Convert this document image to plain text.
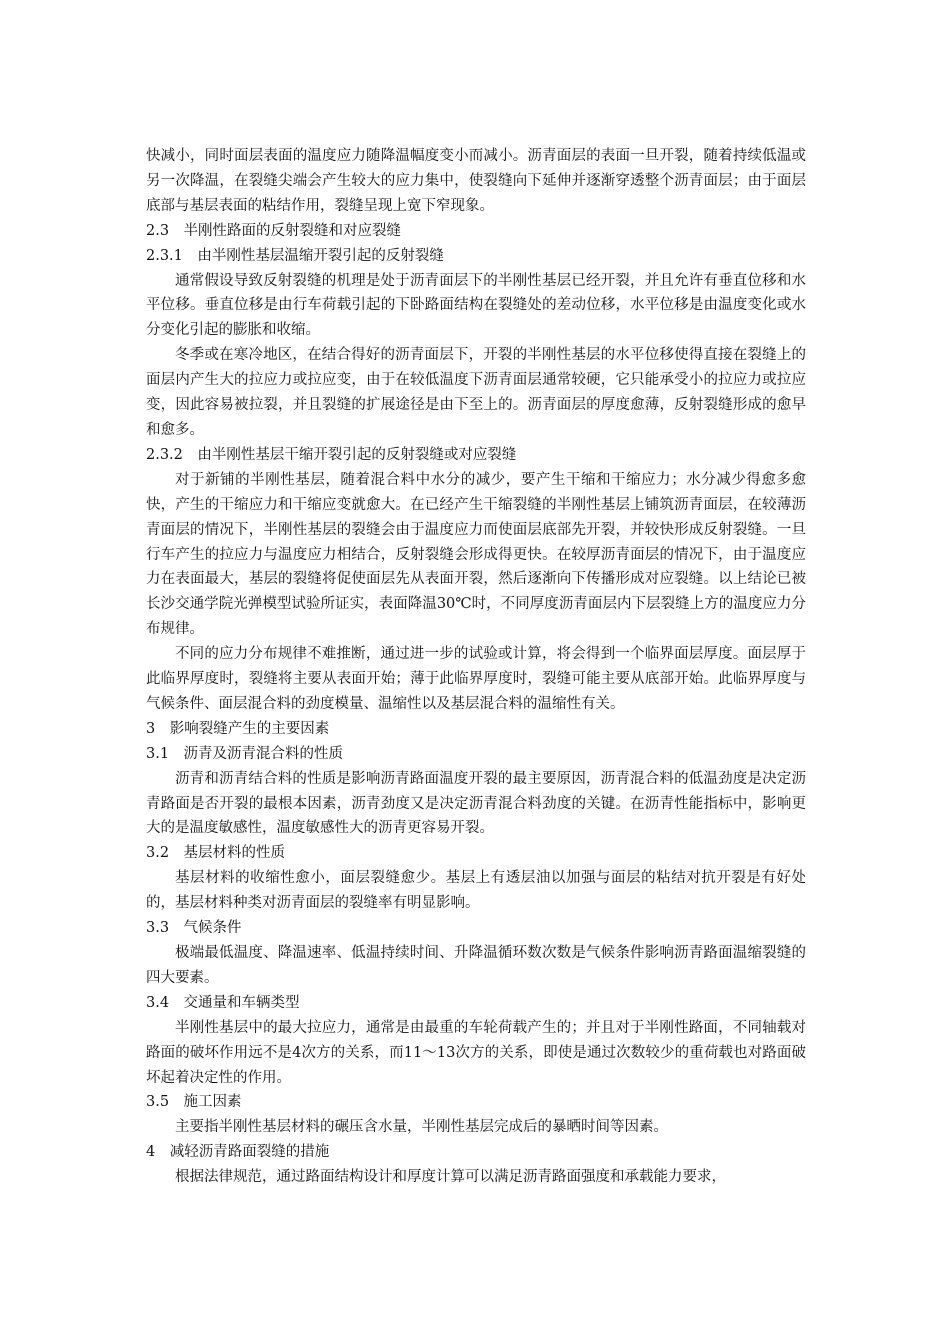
快减小，同时面层表面的温度应力随降温幅度变小而减小。沥青面层的表面一旦开裂，随着持续低温或另一次降温，在裂缝尖端会产生较大的应力集中，使裂缝向下延伸并逐渐穿透整个沥青面层；由于面层底部与基层表面的粘结作用，裂缝呈现上宽下窄现象。

2.3　半刚性路面的反射裂缝和对应裂缝

2.3.1　由半刚性基层温缩开裂引起的反射裂缝

通常假设导致反射裂缝的机理是处于沥青面层下的半刚性基层已经开裂，并且允许有垂直位移和水平位移。垂直位移是由行车荷载引起的下卧路面结构在裂缝处的差动位移，水平位移是由温度变化或水分变化引起的膨胀和收缩。

冬季或在寒冷地区，在结合得好的沥青面层下，开裂的半刚性基层的水平位移使得直接在裂缝上的面层内产生大的拉应力或拉应变，由于在较低温度下沥青面层通常较硬，它只能承受小的拉应力或拉应变，因此容易被拉裂，并且裂缝的扩展途径是由下至上的。沥青面层的厚度愈薄，反射裂缝形成的愈早和愈多。

2.3.2　由半刚性基层干缩开裂引起的反射裂缝或对应裂缝

对于新铺的半刚性基层，随着混合料中水分的减少，要产生干缩和干缩应力；水分减少得愈多愈快，产生的干缩应力和干缩应变就愈大。在已经产生干缩裂缝的半刚性基层上铺筑沥青面层，在较薄沥青面层的情况下，半刚性基层的裂缝会由于温度应力而使面层底部先开裂，并较快形成反射裂缝。一旦行车产生的拉应力与温度应力相结合，反射裂缝会形成得更快。在较厚沥青面层的情况下，由于温度应力在表面最大，基层的裂缝将促使面层先从表面开裂，然后逐渐向下传播形成对应裂缝。以上结论已被长沙交通学院光弹模型试验所证实，表面降温30℃时，不同厚度沥青面层内下层裂缝上方的温度应力分布规律。

不同的应力分布规律不难推断，通过进一步的试验或计算，将会得到一个临界面层厚度。面层厚于此临界厚度时，裂缝将主要从表面开始；薄于此临界厚度时，裂缝可能主要从底部开始。此临界厚度与气候条件、面层混合料的劲度模量、温缩性以及基层混合料的温缩性有关。

3　影响裂缝产生的主要因素

3.1　沥青及沥青混合料的性质

沥青和沥青结合料的性质是影响沥青路面温度开裂的最主要原因，沥青混合料的低温劲度是决定沥青路面是否开裂的最根本因素，沥青劲度又是决定沥青混合料劲度的关键。在沥青性能指标中，影响更大的是温度敏感性，温度敏感性大的沥青更容易开裂。

3.2　基层材料的性质

基层材料的收缩性愈小，面层裂缝愈少。基层上有透层油以加强与面层的粘结对抗开裂是有好处的，基层材料种类对沥青面层的裂缝率有明显影响。

3.3　气候条件

极端最低温度、降温速率、低温持续时间、升降温循环数次数是气候条件影响沥青路面温缩裂缝的四大要素。

3.4　交通量和车辆类型

半刚性基层中的最大拉应力，通常是由最重的车轮荷载产生的；并且对于半刚性路面，不同轴载对路面的破坏作用远不是4次方的关系，而11～13次方的关系，即使是通过次数较少的重荷载也对路面破坏起着决定性的作用。

3.5　施工因素

主要指半刚性基层材料的碾压含水量，半刚性基层完成后的暴晒时间等因素。

4　减轻沥青路面裂缝的措施

根据法律规范，通过路面结构设计和厚度计算可以满足沥青路面强度和承载能力要求，
